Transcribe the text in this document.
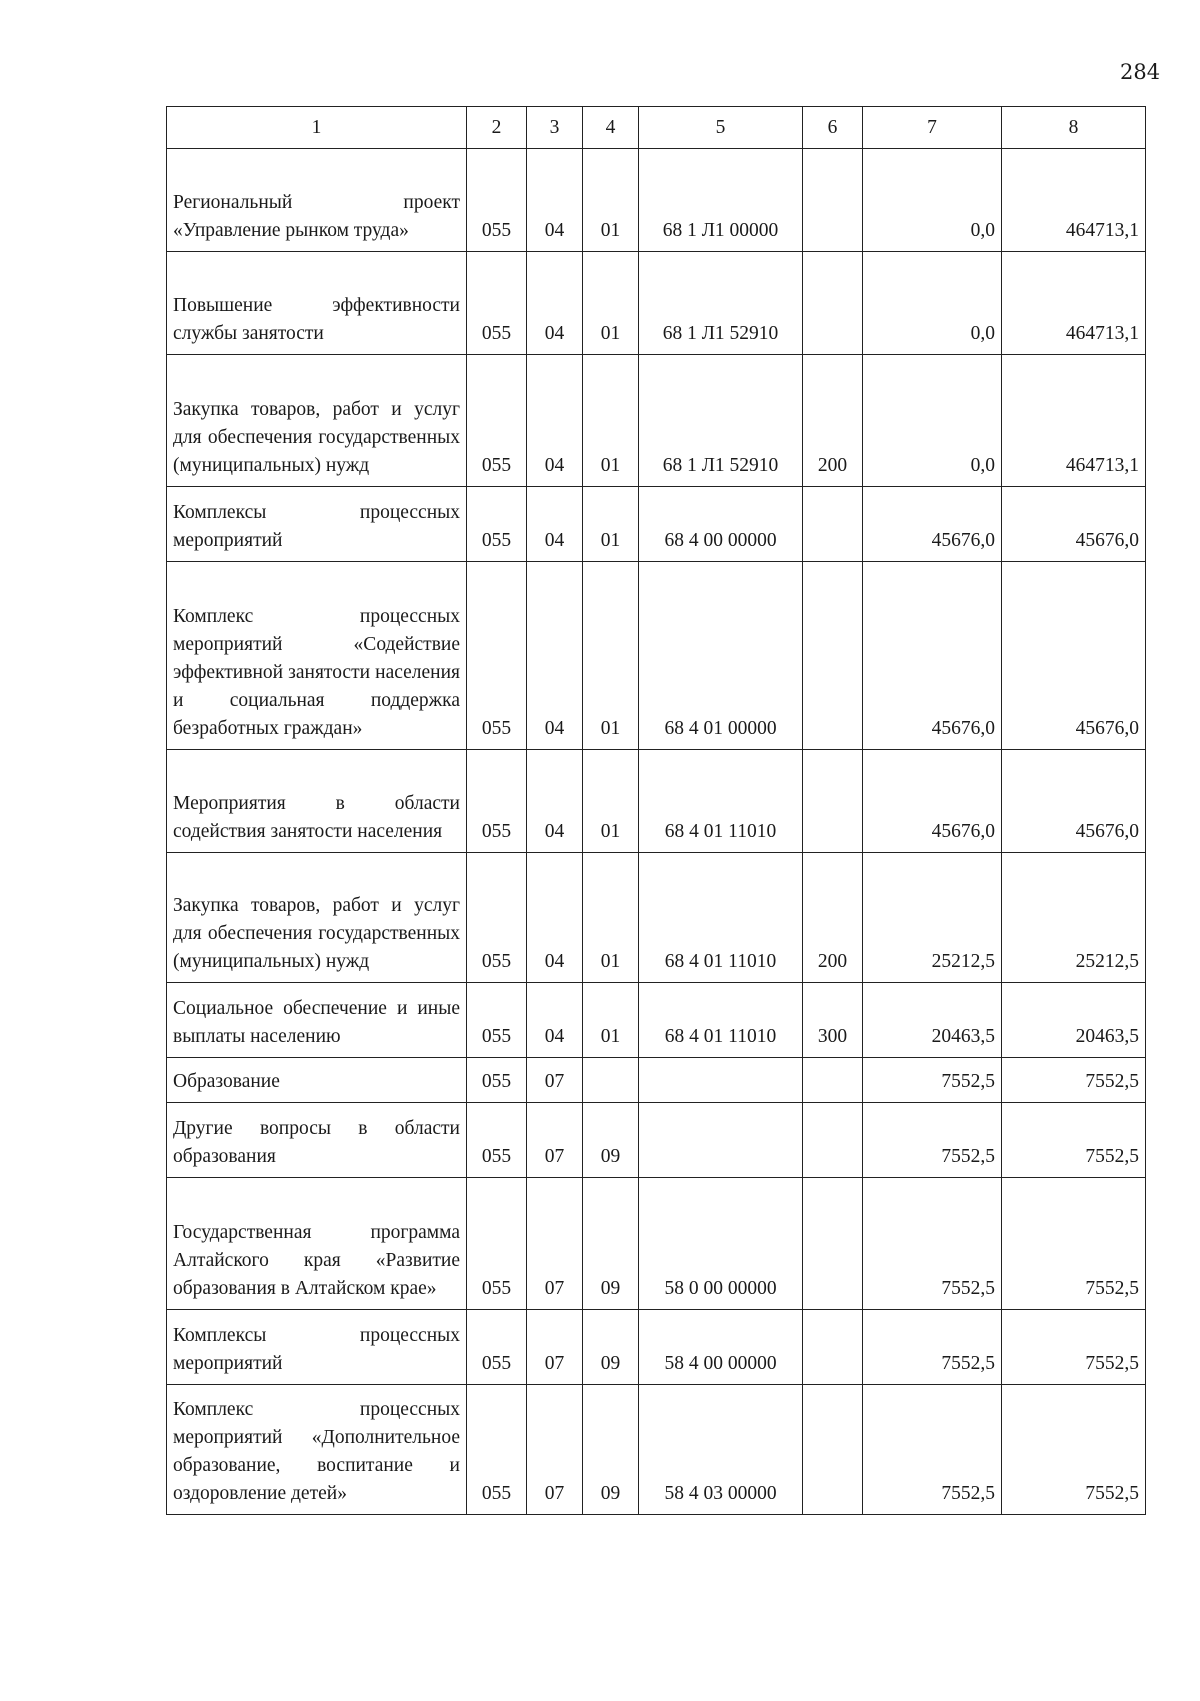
284
1	2	3	4	5	6	7	8
Региональный проект «Управление рынком труда»	055	04	01	68 1 Л1 00000		0,0	464713,1
Повышение эффективности службы занятости	055	04	01	68 1 Л1 52910		0,0	464713,1
Закупка товаров, работ и услуг для обеспечения государственных (муниципальных) нужд	055	04	01	68 1 Л1 52910	200	0,0	464713,1
Комплексы процессных мероприятий	055	04	01	68 4 00 00000		45676,0	45676,0
Комплекс процессных мероприятий «Содействие эффективной занятости населения и социальная поддержка безработных граждан»	055	04	01	68 4 01 00000		45676,0	45676,0
Мероприятия в области содействия занятости населения	055	04	01	68 4 01 11010		45676,0	45676,0
Закупка товаров, работ и услуг для обеспечения государственных (муниципальных) нужд	055	04	01	68 4 01 11010	200	25212,5	25212,5
Социальное обеспечение и иные выплаты населению	055	04	01	68 4 01 11010	300	20463,5	20463,5
Образование	055	07				7552,5	7552,5
Другие вопросы в области образования	055	07	09			7552,5	7552,5
Государственная программа Алтайского края «Развитие образования в Алтайском крае»	055	07	09	58 0 00 00000		7552,5	7552,5
Комплексы процессных мероприятий	055	07	09	58 4 00 00000		7552,5	7552,5
Комплекс процессных мероприятий «Дополнительное образование, воспитание и оздоровление детей»	055	07	09	58 4 03 00000		7552,5	7552,5
